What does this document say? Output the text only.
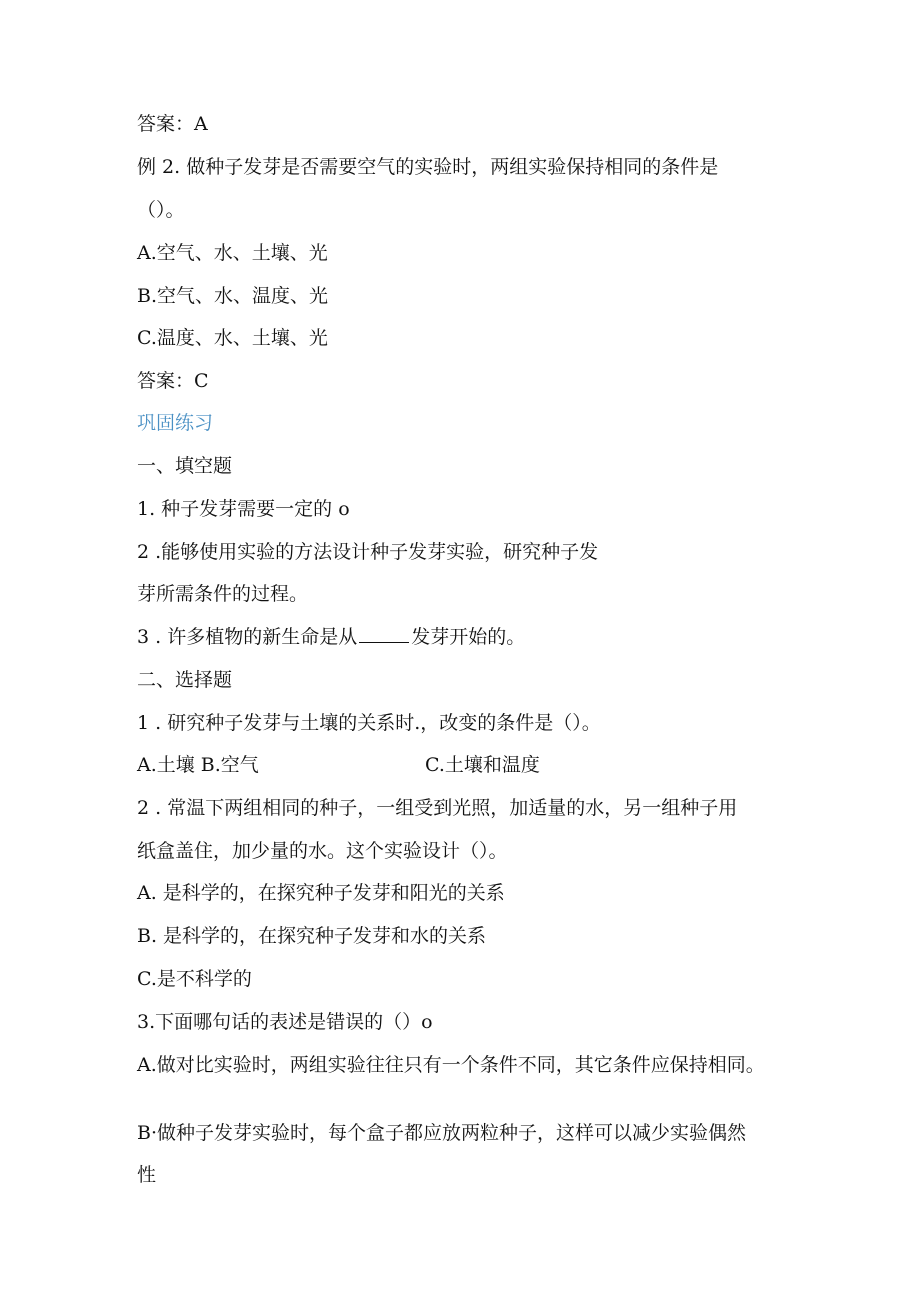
答案：A
例 2. 做种子发芽是否需要空气的实验时，两组实验保持相同的条件是
（）。
A.空气、水、土壤、光
B.空气、水、温度、光
C.温度、水、土壤、光
答案：C
巩固练习
一、填空题
1. 种子发芽需要一定的 o
2 .能够使用实验的方法设计种子发芽实验，研究种子发
芽所需条件的过程。
3 . 许多植物的新生命是从	发芽开始的。
二、选择题
1 . 研究种子发芽与土壤的关系时.，改变的条件是（）。
A.土壤 B.空气	C.土壤和温度
2 . 常温下两组相同的种子，一组受到光照，加适量的水，另一组种子用
纸盒盖住，加少量的水。这个实验设计（）。
A. 是科学的，在探究种子发芽和阳光的关系
B. 是科学的，在探究种子发芽和水的关系
C.是不科学的
3.下面哪句话的表述是错误的（）o
A.做对比实验时，两组实验往往只有一个条件不同，其它条件应保持相同。
B·做种子发芽实验时，每个盒子都应放两粒种子，这样可以减少实验偶然
性
